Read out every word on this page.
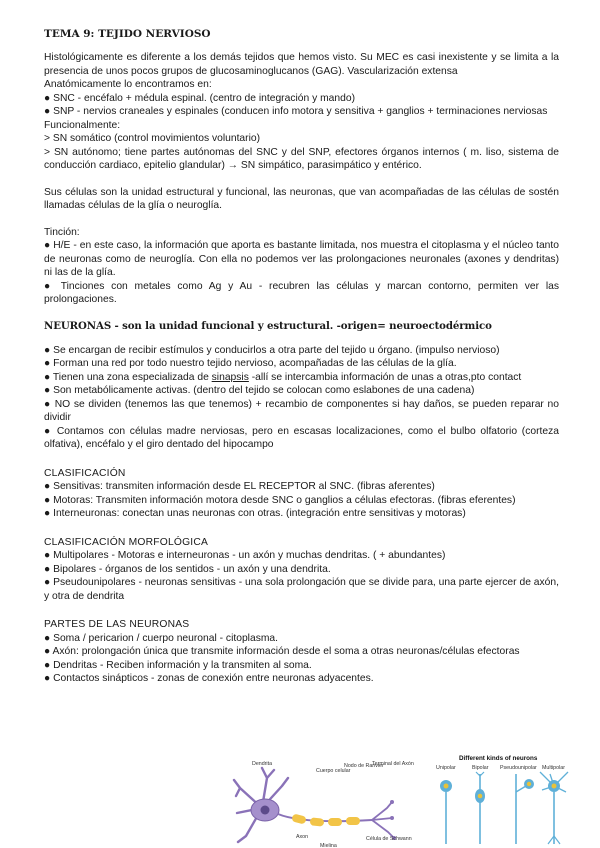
TEMA 9: TEJIDO NERVIOSO

Histológicamente es diferente a los demás tejidos que hemos visto. Su MEC es casi inexistente y se limita a la presencia de unos pocos grupos de glucosaminoglucanos (GAG). Vascularización extensa

Anatómicamente lo encontramos en:

● SNC - encéfalo + médula espinal. (centro de integración y mando)

● SNP - nervios craneales y espinales (conducen info motora y sensitiva + ganglios + terminaciones nerviosas

Funcionalmente:

> SN somático (control movimientos voluntario)

> SN autónomo; tiene partes autónomas del SNC y del SNP, efectores órganos internos ( m. liso, sistema de conducción cardiaco, epitelio glandular) → SN simpático, parasimpático y entérico.

Sus células son la unidad estructural y funcional, las neuronas, que van acompañadas de las células de sostén llamadas células de la glía o neuroglía.

Tinción:

● H/E - en este caso, la información que aporta es bastante limitada, nos muestra el citoplasma y el núcleo tanto de neuronas como de neuroglía. Con ella no podemos ver las prolongaciones neuronales (axones y dendritas) ni las de la glía.

● Tinciones con metales como Ag y Au - recubren las células y marcan contorno, permiten ver las prolongaciones.

NEURONAS - son la unidad funcional y estructural. -origen= neuroectodérmico

● Se encargan de recibir estímulos y conducirlos a otra parte del tejido u órgano. (impulso nervioso)

● Forman una red por todo nuestro tejido nervioso, acompañadas de las células de la glía.

● Tienen una zona especializada de sinapsis -allí se intercambia información de unas a otras,pto contact

● Son metabólicamente activas. (dentro del tejido se colocan como eslabones de una cadena)

● NO se dividen (tenemos las que tenemos) + recambio de componentes si hay daños, se pueden reparar no dividir

● Contamos con células madre nerviosas, pero en escasas localizaciones, como el bulbo olfatorio (corteza olfativa), encéfalo y el giro dentado del hipocampo

CLASIFICACIÓN

● Sensitivas: transmiten información desde EL RECEPTOR al SNC. (fibras aferentes)

● Motoras: Transmiten información motora desde SNC o ganglios a células efectoras. (fibras eferentes)

● Interneuronas: conectan unas neuronas con otras. (integración entre sensitivas y motoras)

CLASIFICACIÓN MORFOLÓGICA

● Multipolares - Motoras e interneuronas - un axón y muchas dendritas. ( + abundantes)

● Bipolares - órganos de los sentidos - un axón y una dendrita.

● Pseudounipolares - neuronas sensitivas - una sola prolongación que se divide para, una parte ejercer de axón, y otra de dendrita

PARTES DE LAS NEURONAS

● Soma / pericarion / cuerpo neuronal - citoplasma.

● Axón: prolongación única que transmite información desde el soma a otras neuronas/células efectoras

● Dendritas - Reciben información y la transmiten al soma.

● Contactos sinápticos - zonas de conexión entre neuronas adyacentes.

Dendrita
Cuerpo celular
Nodo de Ranvier
Terminal del Axón
Axon	Célula de Schwann
Mielina
Different kinds of neurons
Unipolar	Bipolar Pseudounipolar Multipolar
